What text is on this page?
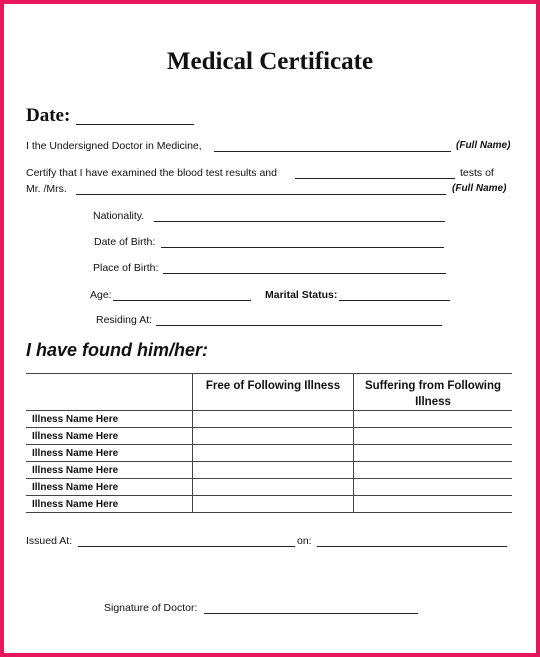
Medical Certificate
Date:
I the Undersigned Doctor in Medicine,	(Full Name)
Certify that I have examined the blood test results and	tests of
Mr. /Mrs.	(Full Name)
Nationality.
Date of Birth:
Place of Birth:
Age:	Marital Status:
Residing At:
I have found him/her:
	Free of Following Illness	Suffering from Following Illness
Illness Name Here		
Illness Name Here		
Illness Name Here		
Illness Name Here		
Illness Name Here		
Illness Name Here		
Issued At:	on:
Signature of Doctor:
